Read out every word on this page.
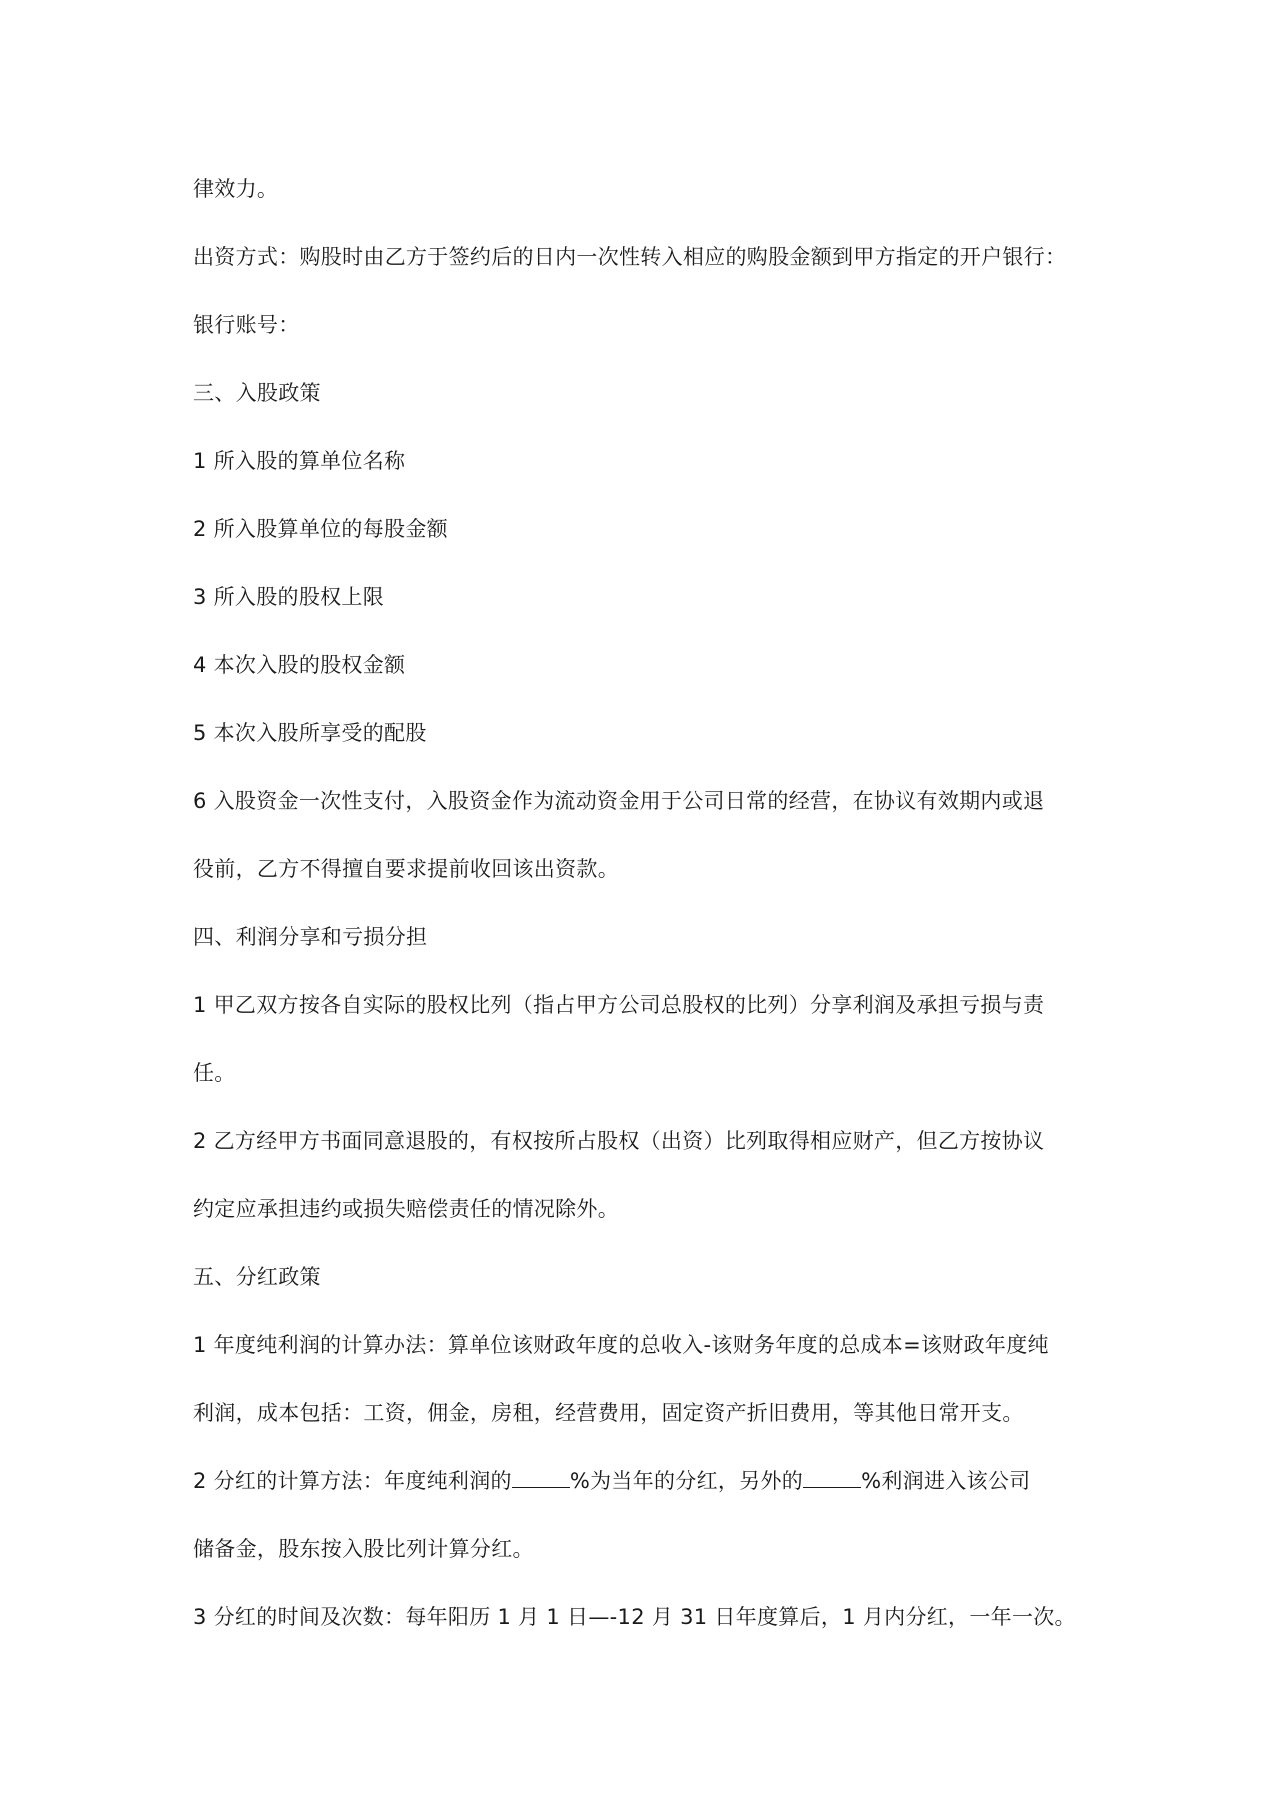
律效力。
出资方式：购股时由乙方于签约后的日内一次性转入相应的购股金额到甲方指定的开户银行：
银行账号：
三、入股政策
1 所入股的算单位名称
2 所入股算单位的每股金额
3 所入股的股权上限
4 本次入股的股权金额
5 本次入股所享受的配股
6 入股资金一次性支付，入股资金作为流动资金用于公司日常的经营，在协议有效期内或退
役前，乙方不得擅自要求提前收回该出资款。
四、利润分享和亏损分担
1 甲乙双方按各自实际的股权比列（指占甲方公司总股权的比列）分享利润及承担亏损与责
任。
2 乙方经甲方书面同意退股的，有权按所占股权（出资）比列取得相应财产，但乙方按协议
约定应承担违约或损失赔偿责任的情况除外。
五、分红政策
1 年度纯利润的计算办法：算单位该财政年度的总收入-该财务年度的总成本=该财政年度纯
利润，成本包括：工资，佣金，房租，经营费用，固定资产折旧费用，等其他日常开支。
2 分红的计算方法：年度纯利润的	%为当年的分红，另外的	%利润进入该公司
储备金，股东按入股比列计算分红。
3 分红的时间及次数：每年阳历 1 月 1 日—-12 月 31 日年度算后，1 月内分红，一年一次。
